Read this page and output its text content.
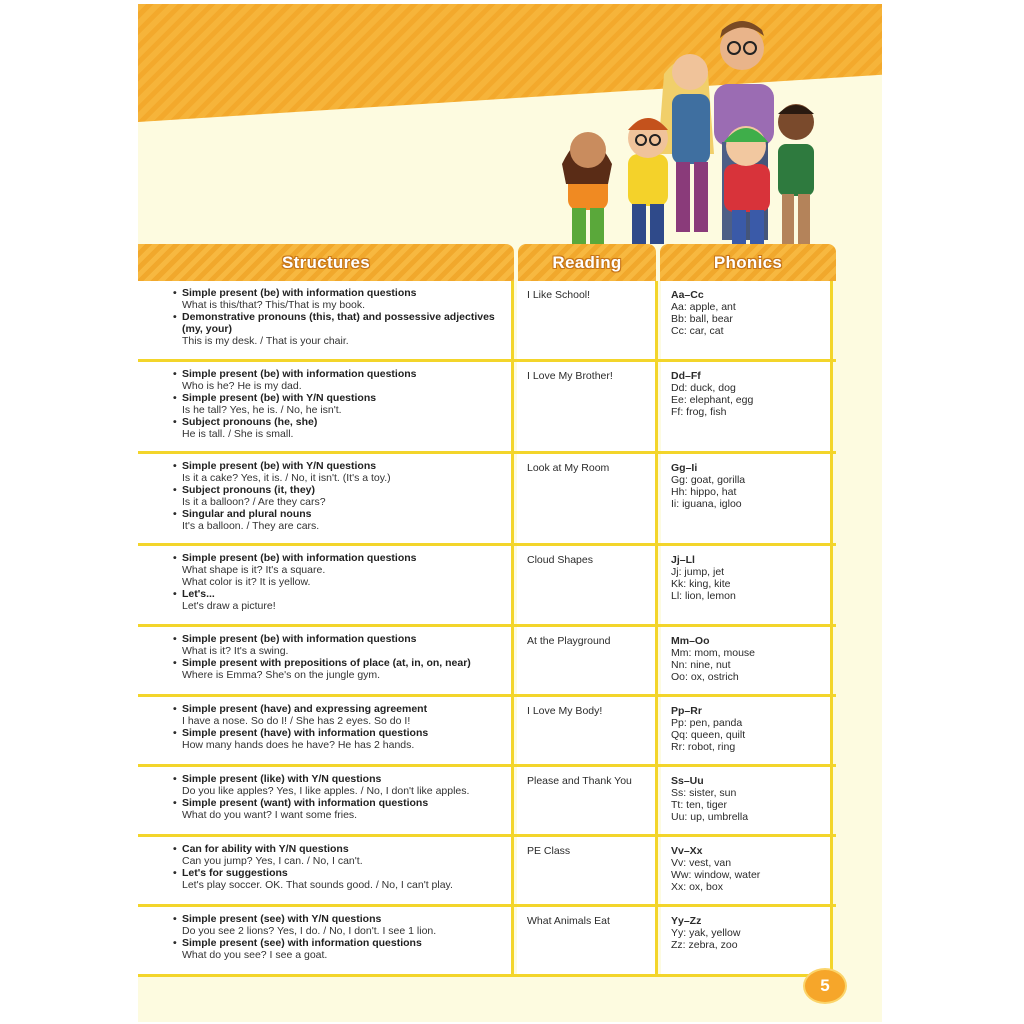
Structures	Reading	Phonics
• Simple present (be) with information questions
What is this/that? This/That is my book.
• Demonstrative pronouns (this, that) and possessive adjectives (my, your)
This is my desk. / That is your chair.
I Like School!	Aa–Cc
Aa: apple, ant
Bb: ball, bear
Cc: car, cat
• Simple present (be) with information questions
Who is he? He is my dad.
• Simple present (be) with Y/N questions
Is he tall? Yes, he is. / No, he isn't.
• Subject pronouns (he, she)
He is tall. / She is small.
I Love My Brother!	Dd–Ff
Dd: duck, dog
Ee: elephant, egg
Ff: frog, fish
• Simple present (be) with Y/N questions
Is it a cake? Yes, it is. / No, it isn't. (It's a toy.)
• Subject pronouns (it, they)
Is it a balloon? / Are they cars?
• Singular and plural nouns
It's a balloon. / They are cars.
Look at My Room	Gg–Ii
Gg: goat, gorilla
Hh: hippo, hat
Ii: iguana, igloo
• Simple present (be) with information questions
What shape is it? It's a square.
What color is it? It is yellow.
• Let's...
Let's draw a picture!
Cloud Shapes	Jj–Ll
Jj: jump, jet
Kk: king, kite
Ll: lion, lemon
• Simple present (be) with information questions
What is it? It's a swing.
• Simple present with prepositions of place (at, in, on, near)
Where is Emma? She's on the jungle gym.
At the Playground	Mm–Oo
Mm: mom, mouse
Nn: nine, nut
Oo: ox, ostrich
• Simple present (have) and expressing agreement
I have a nose. So do I! / She has 2 eyes. So do I!
• Simple present (have) with information questions
How many hands does he have? He has 2 hands.
I Love My Body!	Pp–Rr
Pp: pen, panda
Qq: queen, quilt
Rr: robot, ring
• Simple present (like) with Y/N questions
Do you like apples? Yes, I like apples. / No, I don't like apples.
• Simple present (want) with information questions
What do you want? I want some fries.
Please and Thank You	Ss–Uu
Ss: sister, sun
Tt: ten, tiger
Uu: up, umbrella
• Can for ability with Y/N questions
Can you jump? Yes, I can. / No, I can't.
• Let's for suggestions
Let's play soccer. OK. That sounds good. / No, I can't play.
PE Class	Vv–Xx
Vv: vest, van
Ww: window, water
Xx: ox, box
• Simple present (see) with Y/N questions
Do you see 2 lions? Yes, I do. / No, I don't. I see 1 lion.
• Simple present (see) with information questions
What do you see? I see a goat.
What Animals Eat	Yy–Zz
Yy: yak, yellow
Zz: zebra, zoo
5
